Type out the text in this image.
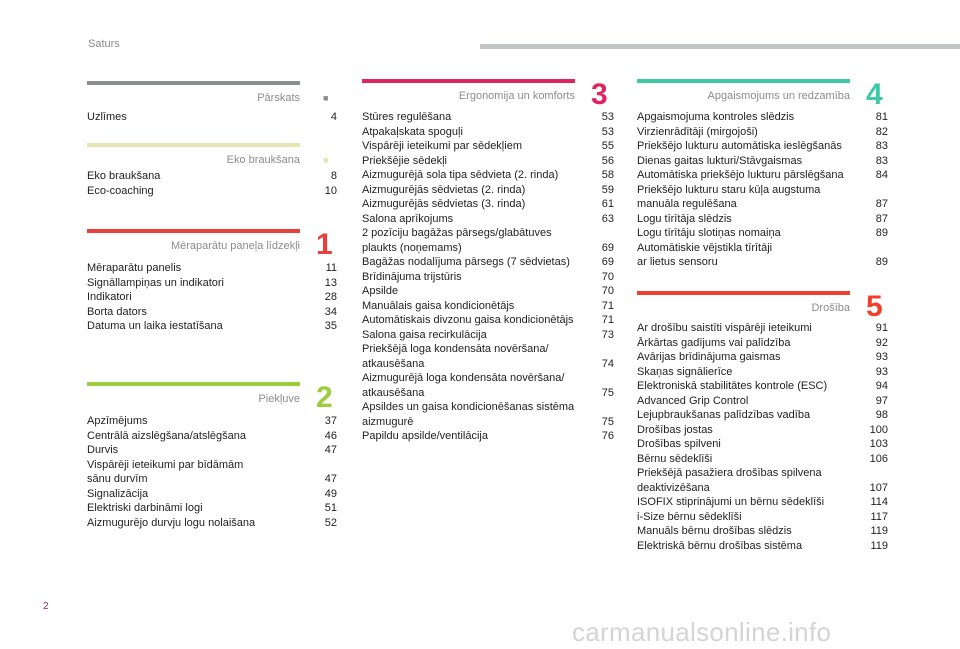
Saturs
Pārskats	■
Uzlīmes	4
Eko braukšana	■
Eko braukšana	8
Eco-coaching	10
Mēraparātu paneļa līdzekļi 1
Mēraparātu panelis	11
Signāllampiņas un indikatori	13
Indikatori	28
Borta dators	34
Datuma un laika iestatīšana	35
Piekļuve 2
Apzīmējums	37
Centrālā aizslēgšana/atslēgšana	46
Durvis	47
Vispārēji ieteikumi par bīdāmām
sānu durvīm	47
Signalizācija	49
Elektriski darbināmi logi	51
Aizmugurējo durvju logu nolaišana	52
Ergonomija un komforts 3
Stūres regulēšana	53
Atpakaļskata spoguļi	53
Vispārēji ieteikumi par sēdekļiem	55
Priekšējie sēdekļi	56
Aizmugurējā sola tipa sēdvieta (2. rinda)	58
Aizmugurējās sēdvietas (2. rinda)	59
Aizmugurējās sēdvietas (3. rinda)	61
Salona aprīkojums	63
2 pozīciju bagāžas pārsegs/glabātuves
plaukts (noņemams)	69
Bagāžas nodalījuma pārsegs (7 sēdvietas)	69
Brīdinājuma trijstūris	70
Apsilde	70
Manuālais gaisa kondicionētājs	71
Automātiskais divzonu gaisa kondicionētājs	71
Salona gaisa recirkulācija	73
Priekšējā loga kondensāta novēršana/
atkausēšana	74
Aizmugurējā loga kondensāta novēršana/
atkausēšana	75
Apsildes un gaisa kondicionēšanas sistēma
aizmugurē	75
Papildu apsilde/ventilācija	76
Apgaismojums un redzamība 4
Apgaismojuma kontroles slēdzis	81
Virzienrādītāji (mirgojoši)	82
Priekšējo lukturu automātiska ieslēgšanās	83
Dienas gaitas lukturi/Stāvgaismas	83
Automātiska priekšējo lukturu pārslēgšana	84
Priekšējo lukturu staru kūļa augstuma
manuāla regulēšana	87
Logu tīrītāja slēdzis	87
Logu tīrītāju slotiņas nomaiņa	89
Automātiskie vējstikla tīrītāji
ar lietus sensoru	89
Drošība 5
Ar drošību saistīti vispārēji ieteikumi	91
Ārkārtas gadījums vai palīdzība	92
Avārijas brīdinājuma gaismas	93
Skaņas signālierīce	93
Elektroniskā stabilitātes kontrole (ESC)	94
Advanced Grip Control	97
Lejupbraukšanas palīdzības vadība	98
Drošības jostas	100
Drošības spilveni	103
Bērnu sēdeklīši	106
Priekšējā pasažiera drošības spilvena
deaktivizēšana	107
ISOFIX stiprinājumi un bērnu sēdeklīši	114
i-Size bērnu sēdeklīši	117
Manuāls bērnu drošības slēdzis	119
Elektriskā bērnu drošības sistēma	119
2
carmanualsonline.info
